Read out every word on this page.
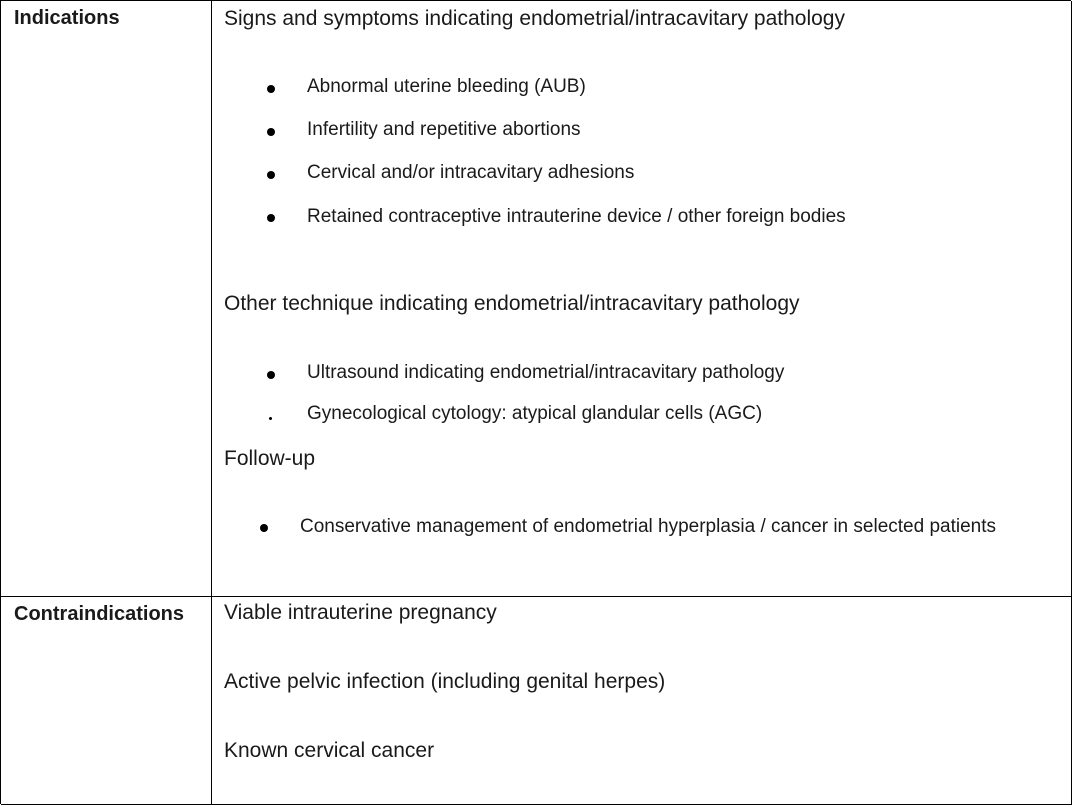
Indications	Signs and symptoms indicating endometrial/intracavitary pathology
Abnormal uterine bleeding (AUB)
Infertility and repetitive abortions
Cervical and/or intracavitary adhesions
Retained contraceptive intrauterine device / other foreign bodies
Other technique indicating endometrial/intracavitary pathology
Ultrasound indicating endometrial/intracavitary pathology
Gynecological cytology: atypical glandular cells (AGC)
Follow-up
Conservative management of endometrial hyperplasia / cancer in selected patients
Contraindications Viable intrauterine pregnancy
Active pelvic infection (including genital herpes)
Known cervical cancer
